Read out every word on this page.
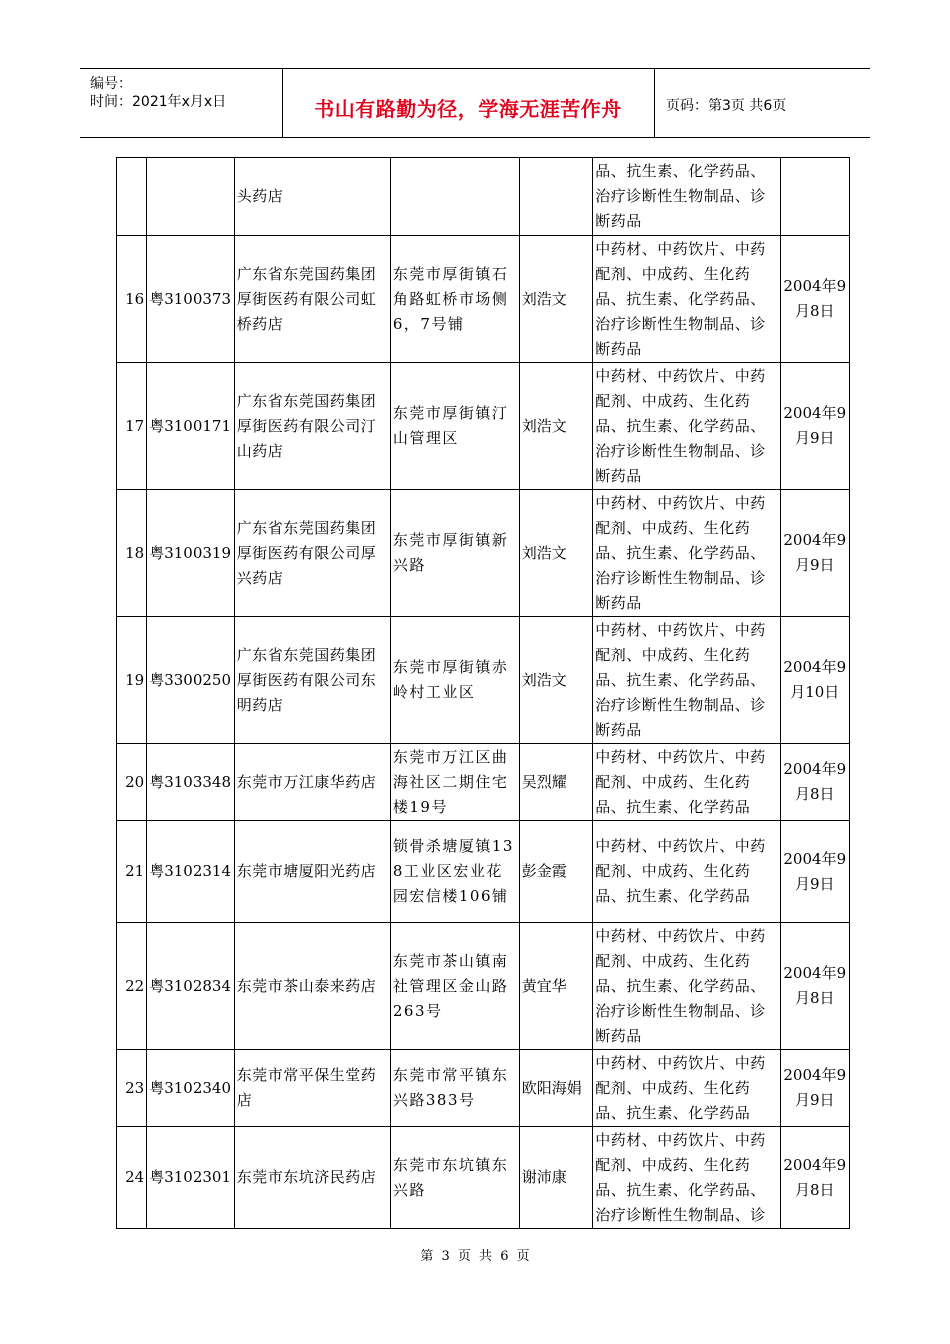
编号：
时间：2021年x月x日	书山有路勤为径，学海无涯苦作舟	页码：第3页 共6页
		头药店			品、抗生素、化学药品、治疗诊断性生物制品、诊断药品	
16	粤3100373	广东省东莞国药集团厚街医药有限公司虹桥药店	东莞市厚街镇石角路虹桥市场侧6，7号铺	刘浩文	中药材、中药饮片、中药配剂、中成药、生化药品、抗生素、化学药品、治疗诊断性生物制品、诊断药品	2004年9月8日
17	粤3100171	广东省东莞国药集团厚街医药有限公司汀山药店	东莞市厚街镇汀山管理区	刘浩文	中药材、中药饮片、中药配剂、中成药、生化药品、抗生素、化学药品、治疗诊断性生物制品、诊断药品	2004年9月9日
18	粤3100319	广东省东莞国药集团厚街医药有限公司厚兴药店	东莞市厚街镇新兴路	刘浩文	中药材、中药饮片、中药配剂、中成药、生化药品、抗生素、化学药品、治疗诊断性生物制品、诊断药品	2004年9月9日
19	粤3300250	广东省东莞国药集团厚街医药有限公司东明药店	东莞市厚街镇赤岭村工业区	刘浩文	中药材、中药饮片、中药配剂、中成药、生化药品、抗生素、化学药品、治疗诊断性生物制品、诊断药品	2004年9月10日
20	粤3103348	东莞市万江康华药店	东莞市万江区曲海社区二期住宅楼19号	吴烈耀	中药材、中药饮片、中药配剂、中成药、生化药品、抗生素、化学药品	2004年9月8日
21	粤3102314	东莞市塘厦阳光药店	锁骨杀塘厦镇138工业区宏业花园宏信楼106铺	彭金霞	中药材、中药饮片、中药配剂、中成药、生化药品、抗生素、化学药品	2004年9月9日
22	粤3102834	东莞市茶山泰来药店	东莞市茶山镇南社管理区金山路263号	黄宜华	中药材、中药饮片、中药配剂、中成药、生化药品、抗生素、化学药品、治疗诊断性生物制品、诊断药品	2004年9月8日
23	粤3102340	东莞市常平保生堂药店	东莞市常平镇东兴路383号	欧阳海娟	中药材、中药饮片、中药配剂、中成药、生化药品、抗生素、化学药品	2004年9月9日
24	粤3102301	东莞市东坑济民药店	东莞市东坑镇东兴路	谢沛康	中药材、中药饮片、中药配剂、中成药、生化药品、抗生素、化学药品、治疗诊断性生物制品、诊	2004年9月8日
第 3 页 共 6 页
